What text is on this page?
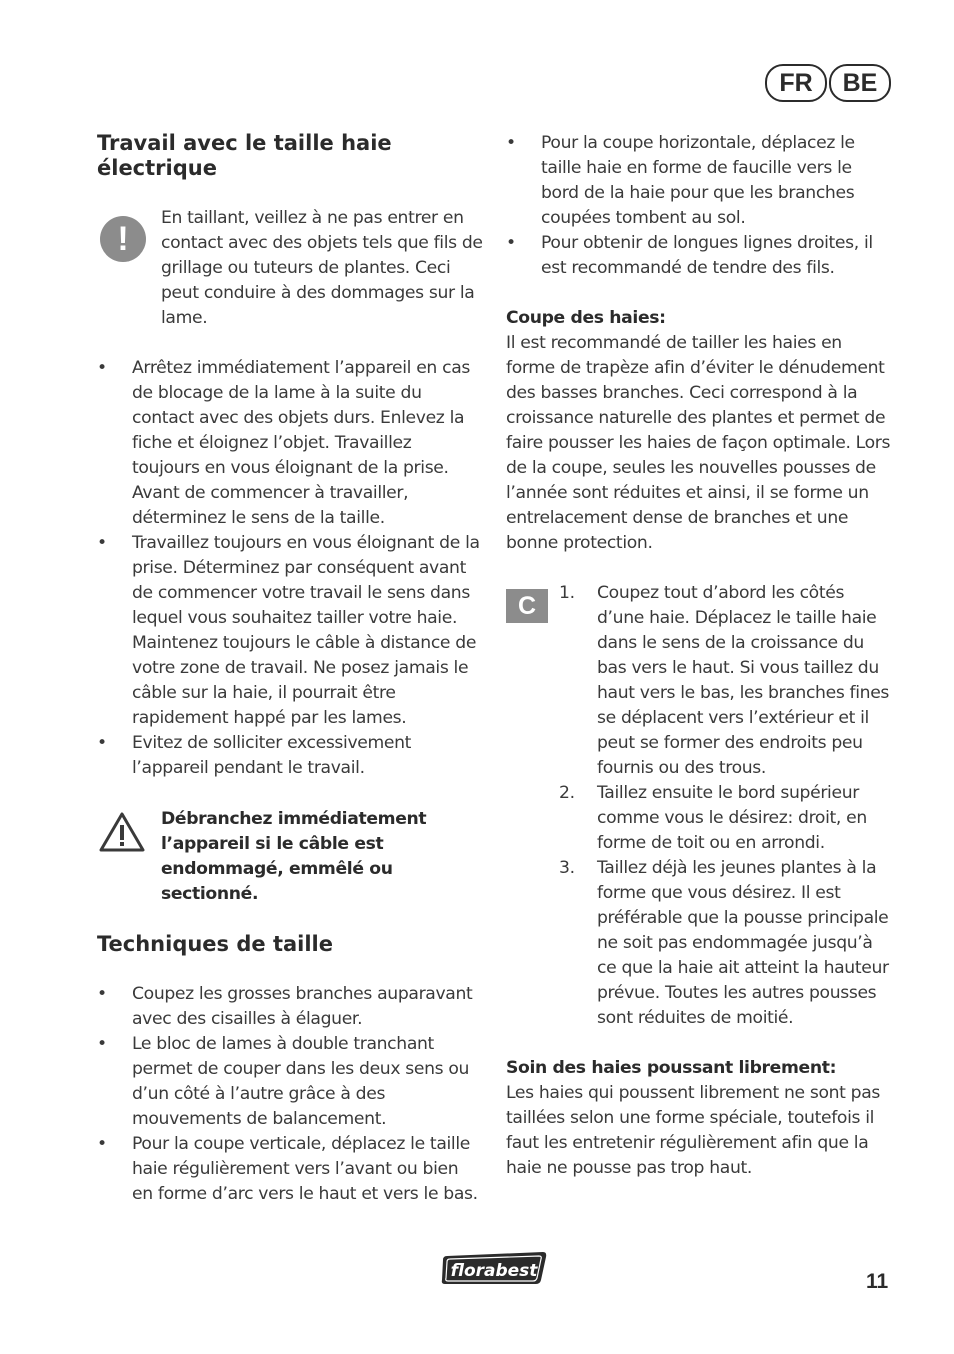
FR	BE
Travail avec le taille haie électrique
!

En taillant, veillez à ne pas entrer en contact avec des objets tels que fils de grillage ou tuteurs de plantes. Ceci peut conduire à des dommages sur la lame.

• Arrêtez immédiatement l’appareil en cas de blocage de la lame à la suite du contact avec des objets durs. Enlevez la fiche et éloignez l’objet. Travaillez toujours en vous éloignant de la prise. Avant de commencer à travailler, déterminez le sens de la taille.
• Travaillez toujours en vous éloignant de la prise. Déterminez par conséquent avant de commencer votre travail le sens dans lequel vous souhaitez tailler votre haie. Maintenez toujours le câble à distance de votre zone de travail. Ne posez jamais le câble sur la haie, il pourrait être rapidement happé par les lames.
• Evitez de solliciter excessivement l’appareil pendant le travail.

Débranchez immédiatement l’appareil si le câble est endommagé, emmêlé ou sectionné.

Techniques de taille
• Coupez les grosses branches auparavant avec des cisailles à élaguer.
• Le bloc de lames à double tranchant permet de couper dans les deux sens ou d’un côté à l’autre grâce à des mouvements de balancement.
• Pour la coupe verticale, déplacez le taille haie régulièrement vers l’avant ou bien en forme d’arc vers le haut et vers le bas.
• Pour la coupe horizontale, déplacez le taille haie en forme de faucille vers le bord de la haie pour que les branches coupées tombent au sol.
• Pour obtenir de longues lignes droites, il est recommandé de tendre des fils.
Coupe des haies:

Il est recommandé de tailler les haies en forme de trapèze afin d’éviter le dénudement des basses branches. Ceci correspond à la croissance naturelle des plantes et permet de faire pousser les haies de façon optimale. Lors de la coupe, seules les nouvelles pousses de l’année sont réduites et ainsi, il se forme un entrelacement dense de branches et une bonne protection.

C	1. Coupez tout d’abord les côtés d’une haie. Déplacez le taille haie dans le sens de la croissance du bas vers le haut. Si vous taillez du haut vers le bas, les branches fines se déplacent vers l’extérieur et il peut se former des endroits peu fournis ou des trous.
2. Taillez ensuite le bord supérieur comme vous le désirez: droit, en forme de toit ou en arrondi.
3. Taillez déjà les jeunes plantes à la forme que vous désirez. Il est préférable que la pousse principale ne soit pas endommagée jusqu’à ce que la haie ait atteint la hauteur prévue. Toutes les autres pousses sont réduites de moitié.
Soin des haies poussant librement:

Les haies qui poussent librement ne sont pas taillées selon une forme spéciale, toutefois il faut les entretenir régulièrement afin que la haie ne pousse pas trop haut.

florabest	11
